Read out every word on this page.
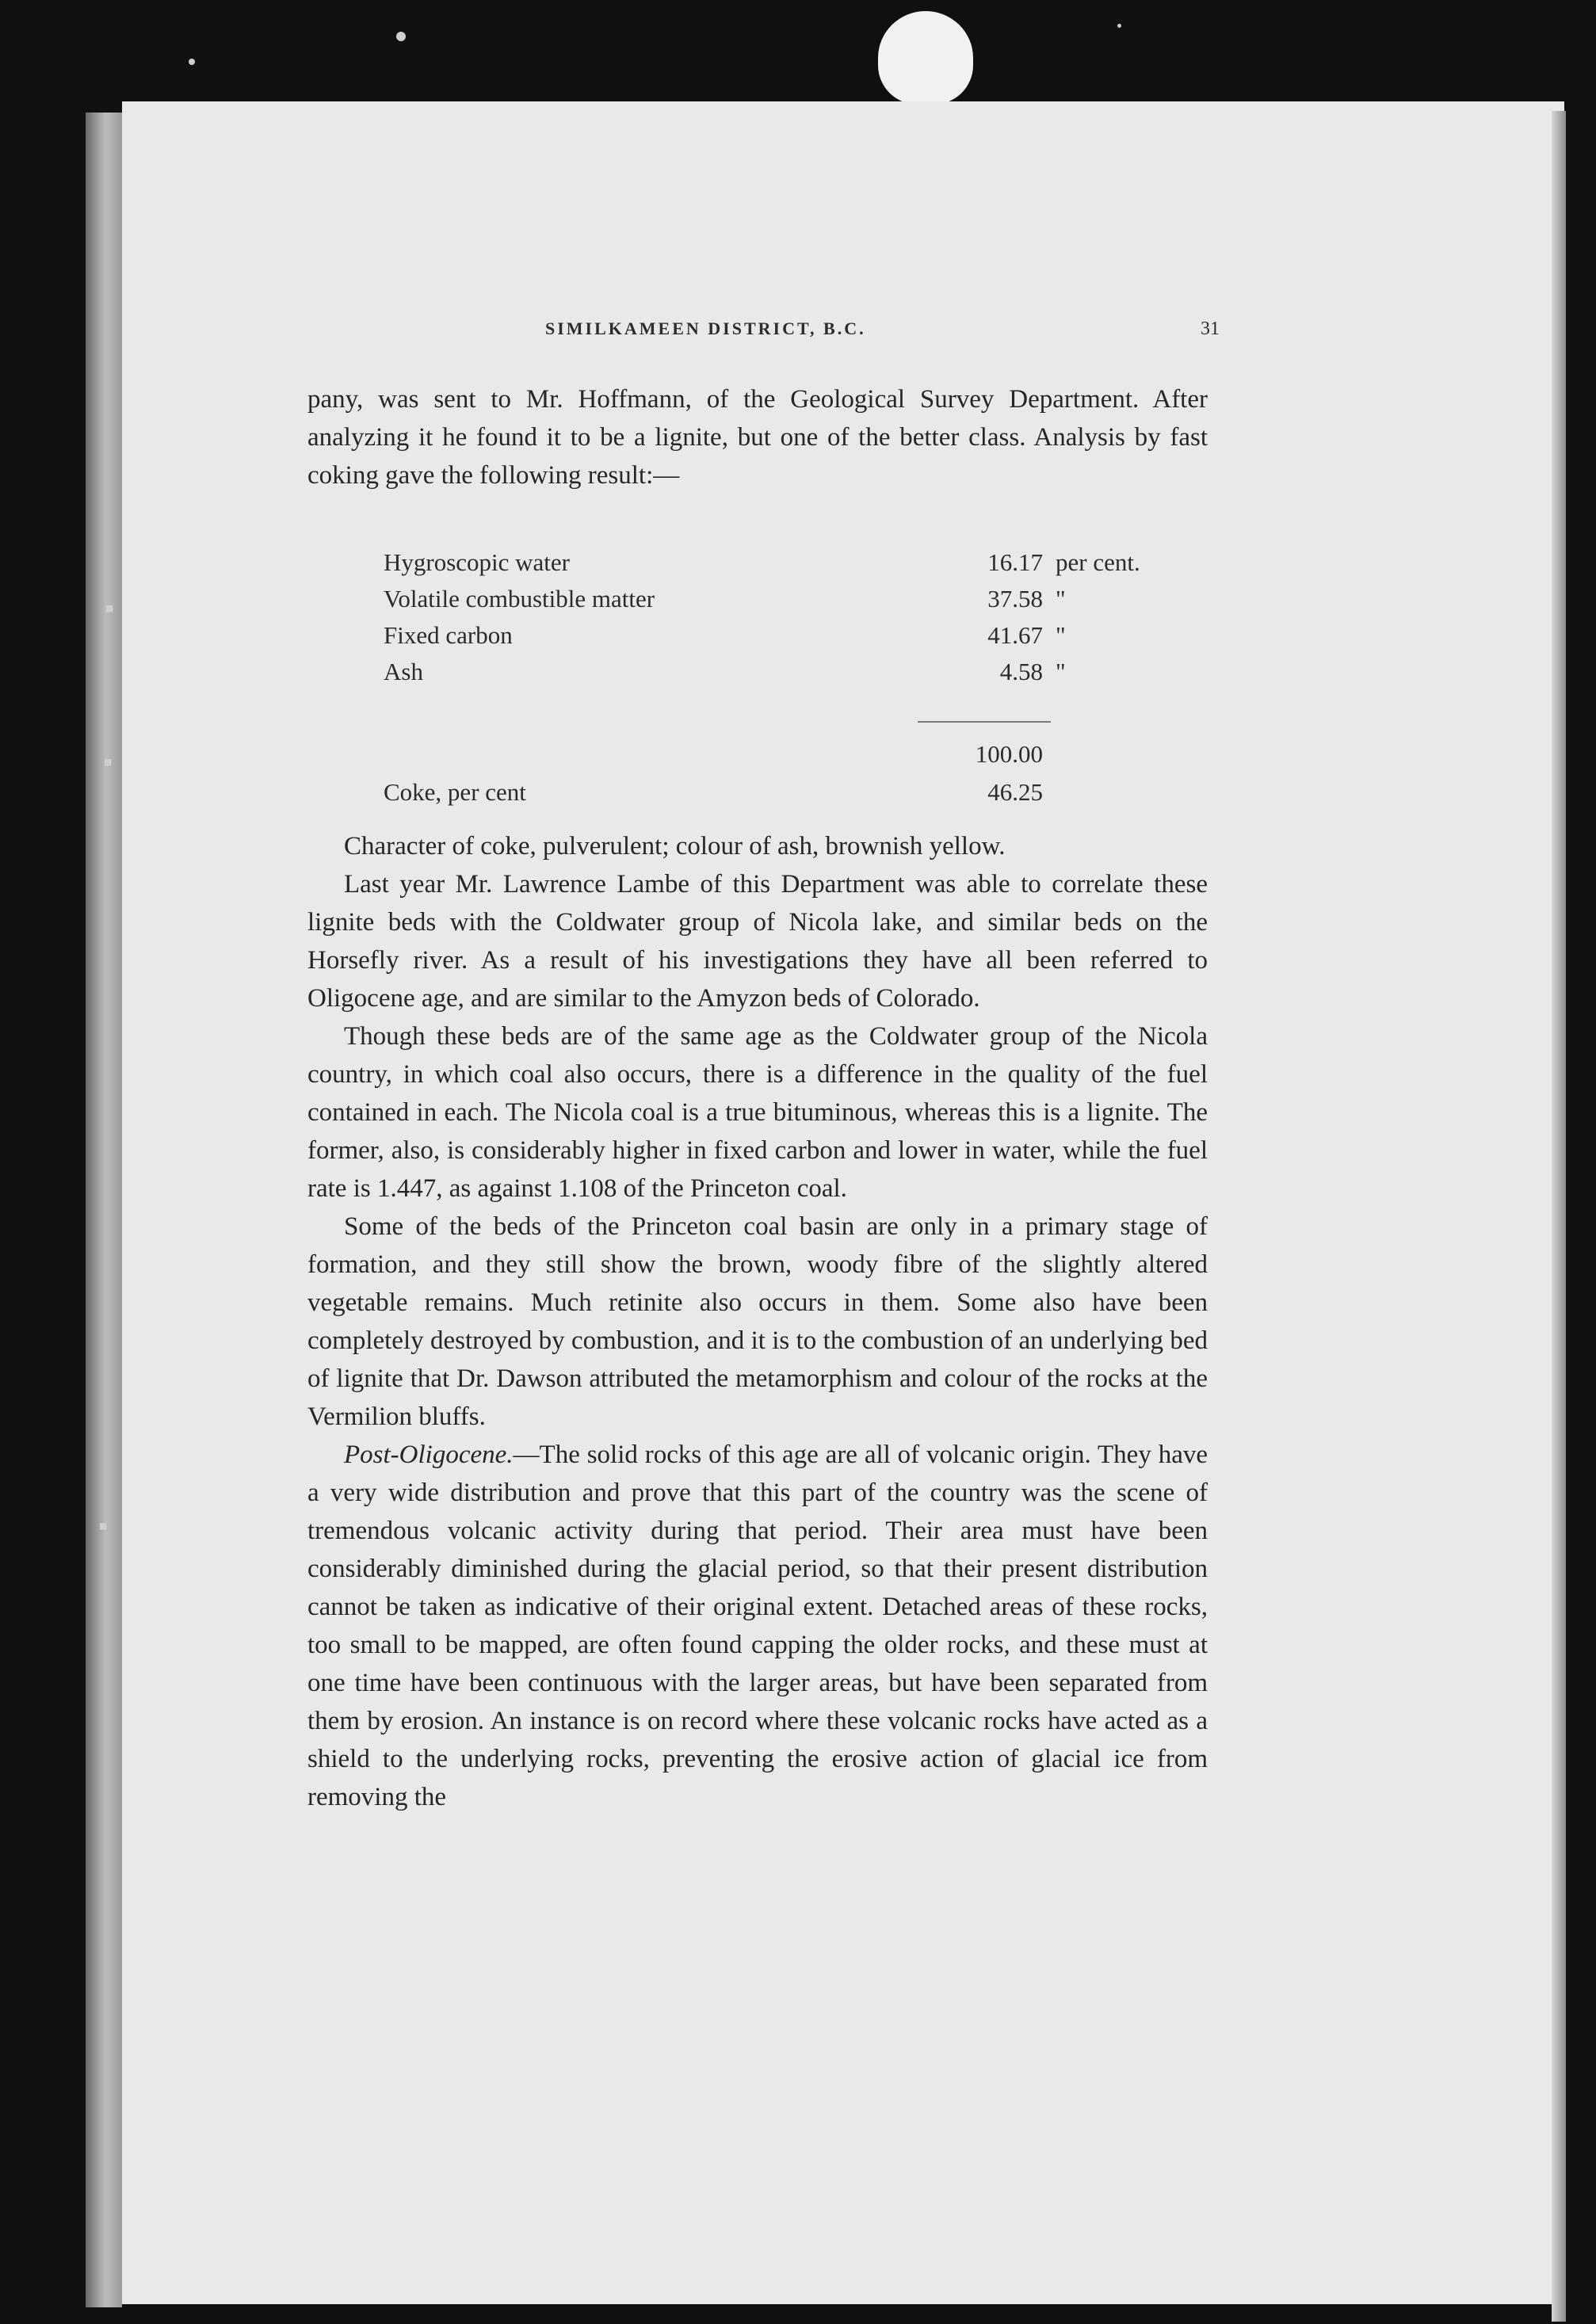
▪
▪
▪
SIMILKAMEEN DISTRICT, B.C.	31

pany, was sent to Mr. Hoffmann, of the Geological Survey Department. After analyzing it he found it to be a lignite, but one of the better class. Analysis by fast coking gave the following result:—

Hygroscopic water	16.17 per cent.
Volatile combustible matter	37.58 "
Fixed carbon	41.67 "
Ash	4.58 "
100.00
Coke, per cent	46.25

Character of coke, pulverulent; colour of ash, brownish yellow.

Last year Mr. Lawrence Lambe of this Department was able to correlate these lignite beds with the Coldwater group of Nicola lake, and similar beds on the Horsefly river. As a result of his investigations they have all been referred to Oligocene age, and are similar to the Amyzon beds of Colorado.

Though these beds are of the same age as the Coldwater group of the Nicola country, in which coal also occurs, there is a difference in the quality of the fuel contained in each. The Nicola coal is a true bituminous, whereas this is a lignite. The former, also, is considerably higher in fixed carbon and lower in water, while the fuel rate is 1.447, as against 1.108 of the Princeton coal.

Some of the beds of the Princeton coal basin are only in a primary stage of formation, and they still show the brown, woody fibre of the slightly altered vegetable remains. Much retinite also occurs in them. Some also have been completely destroyed by combustion, and it is to the combustion of an underlying bed of lignite that Dr. Dawson attributed the metamorphism and colour of the rocks at the Vermilion bluffs.

Post-Oligocene.—The solid rocks of this age are all of volcanic origin. They have a very wide distribution and prove that this part of the country was the scene of tremendous volcanic activity during that period. Their area must have been considerably diminished during the glacial period, so that their present distribution cannot be taken as indicative of their original extent. Detached areas of these rocks, too small to be mapped, are often found capping the older rocks, and these must at one time have been continuous with the larger areas, but have been separated from them by erosion. An instance is on record where these volcanic rocks have acted as a shield to the underlying rocks, preventing the erosive action of glacial ice from removing the
